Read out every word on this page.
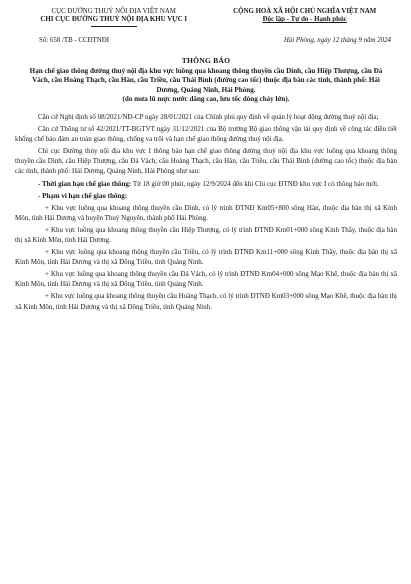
CỤC ĐƯỜNG THUỶ NỘI ĐỊA VIỆT NAM
CHI CỤC ĐƯỜNG THUỶ NỘI ĐỊA KHU VỰC I
CỘNG HOÀ XÃ HỘI CHỦ NGHĨA VIỆT NAM
Độc lập - Tự do - Hạnh phúc
Số: 658 /TB - CCĐTNĐI	Hải Phòng, ngày 12 tháng 9 năm 2024
THÔNG BÁO
Hạn chế giao thông đường thuỷ nội địa khu vực luồng qua khoang thông thuyền cầu Dinh, cầu Hiệp Thượng, cầu Đá Vách, cầu Hoàng Thạch, cầu Hàn, cầu Triều, cầu Thái Bình (đường cao tốc) thuộc địa bàn các tỉnh, thành phố: Hải Dương, Quảng Ninh, Hải Phòng.
(do mưa lũ mực nước dâng cao, lưu tốc dòng chảy lớn).

Căn cứ Nghị định số 08/2021/NĐ-CP ngày 28/01/2021 của Chính phủ quy định về quản lý hoạt động đường thuỷ nội địa;

Căn cứ Thông tư số 42/2021/TT-BGTVT ngày 31/12/2021 của Bộ trưởng Bộ giao thông vận tải quy định về công tác điều tiết khống chế bảo đảm an toàn giao thông, chống va trôi và hạn chế giao thông đường thuỷ nội địa.

Chi cục Đường thủy nội địa khu vực I thông báo hạn chế giao thông đường thuỷ nội địa khu vực luồng qua khoang thông thuyền cầu Dinh, cầu Hiệp Thượng, cầu Đá Vách, cầu Hoàng Thạch, cầu Hàn, cầu Triều, cầu Thái Bình (đường cao tốc) thuộc địa bàn các tỉnh, thành phố: Hải Dương, Quảng Ninh, Hải Phòng như sau:

- Thời gian hạn chế giao thông: Từ 18 giờ 00 phút, ngày 12/9/2024 đến khi Chi cục ĐTNĐ khu vực I có thông báo mới.

- Phạm vi hạn chế giao thông:

+ Khu vực luồng qua khoang thông thuyền cầu Dinh, có lý trình ĐTNĐ Km05+800 sông Hàn, thuộc địa bàn thị xã Kinh Môn, tỉnh Hải Dương và huyện Thuỷ Nguyên, thành phố Hải Phòng.

+ Khu vực luồng qua khoang thông thuyền cầu Hiệp Thượng, có lý trình ĐTNĐ Km01+000 sông Kinh Thầy, thuộc địa bàn thị xã Kinh Môn, tỉnh Hải Dương.

+ Khu vực luồng qua khoang thông thuyền cầu Triều, có lý trình ĐTNĐ Km11+000 sông Kinh Thầy, thuộc địa bàn thị xã Kinh Môn, tỉnh Hải Dương và thị xã Đông Triều, tỉnh Quảng Ninh.

+ Khu vực luồng qua khoang thông thuyền cầu Đá Vách, có lý trình ĐTNĐ Km04+000 sông Mạo Khê, thuộc địa bàn thị xã Kinh Môn, tỉnh Hải Dương và thị xã Đông Triều, tỉnh Quảng Ninh.

+ Khu vực luồng qua khoang thông thuyền cầu Hoàng Thạch, có lý trình ĐTNĐ Km03+000 sông Mạo Khê, thuộc địa bàn thị xã Kinh Môn, tỉnh Hải Dương và thị xã Đông Triều, tỉnh Quảng Ninh.
